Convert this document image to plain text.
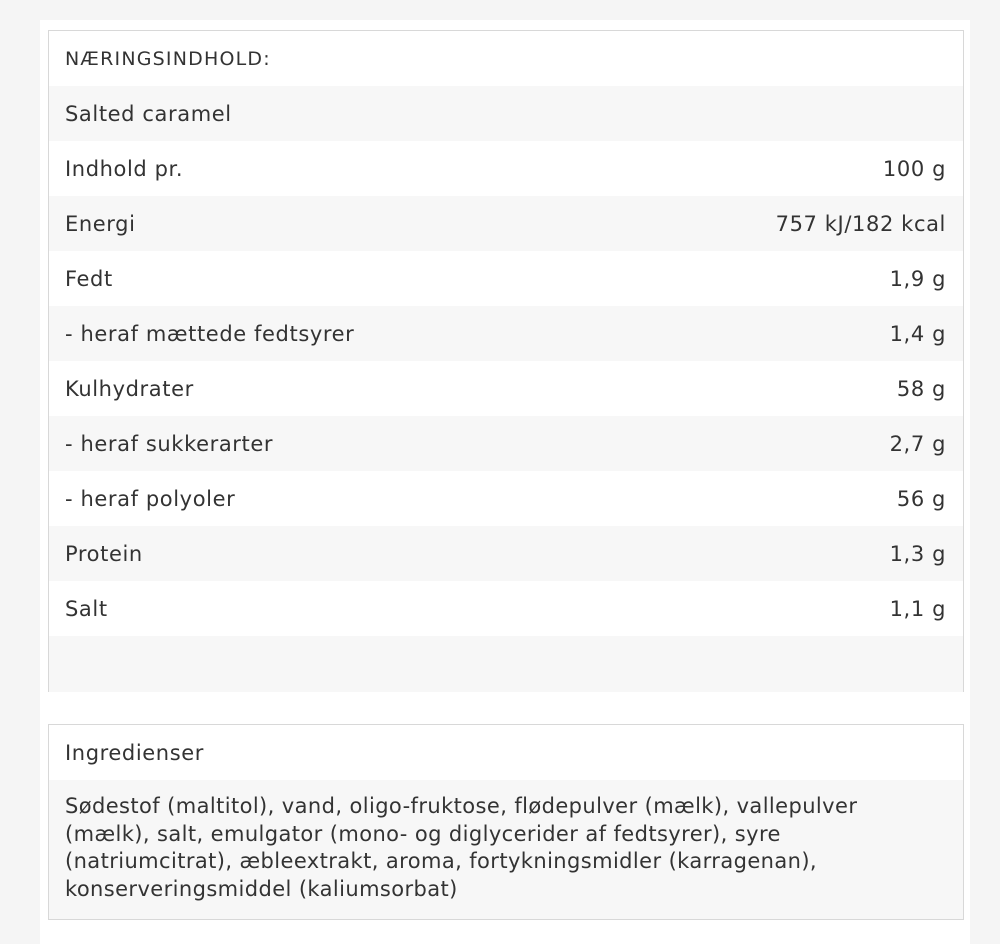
NÆRINGSINDHOLD:
Salted caramel
Indhold pr.	100 g
Energi	757 kJ/182 kcal
Fedt	1,9 g
- heraf mættede fedtsyrer	1,4 g
Kulhydrater	58 g
- heraf sukkerarter	2,7 g
- heraf polyoler	56 g
Protein	1,3 g
Salt	1,1 g
Ingredienser
Sødestof (maltitol), vand, oligo-fruktose, flødepulver (mælk), vallepulver (mælk), salt, emulgator (mono- og diglycerider af fedtsyrer), syre (natriumcitrat), æbleextrakt, aroma, fortykningsmidler (karragenan), konserveringsmiddel (kaliumsorbat)
